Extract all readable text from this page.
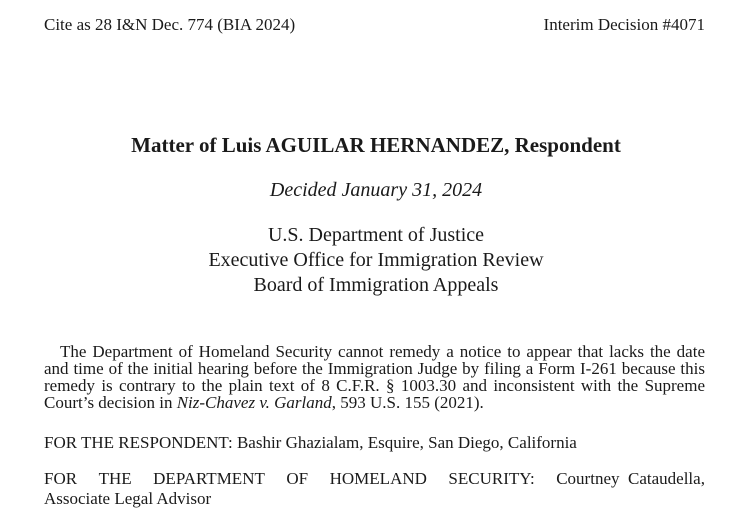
Cite as 28 I&N Dec. 774 (BIA 2024)	Interim Decision #4071
Matter of Luis AGUILAR HERNANDEZ, Respondent
Decided January 31, 2024
U.S. Department of Justice
Executive Office for Immigration Review
Board of Immigration Appeals
The Department of Homeland Security cannot remedy a notice to appear that lacks the date and time of the initial hearing before the Immigration Judge by filing a Form I-261 because this remedy is contrary to the plain text of 8 C.F.R. § 1003.30 and inconsistent with the Supreme Court’s decision in Niz-Chavez v. Garland, 593 U.S. 155 (2021).
FOR THE RESPONDENT: Bashir Ghazialam, Esquire, San Diego, California
FOR THE DEPARTMENT OF HOMELAND SECURITY: Courtney Cataudella,
Associate Legal Advisor
